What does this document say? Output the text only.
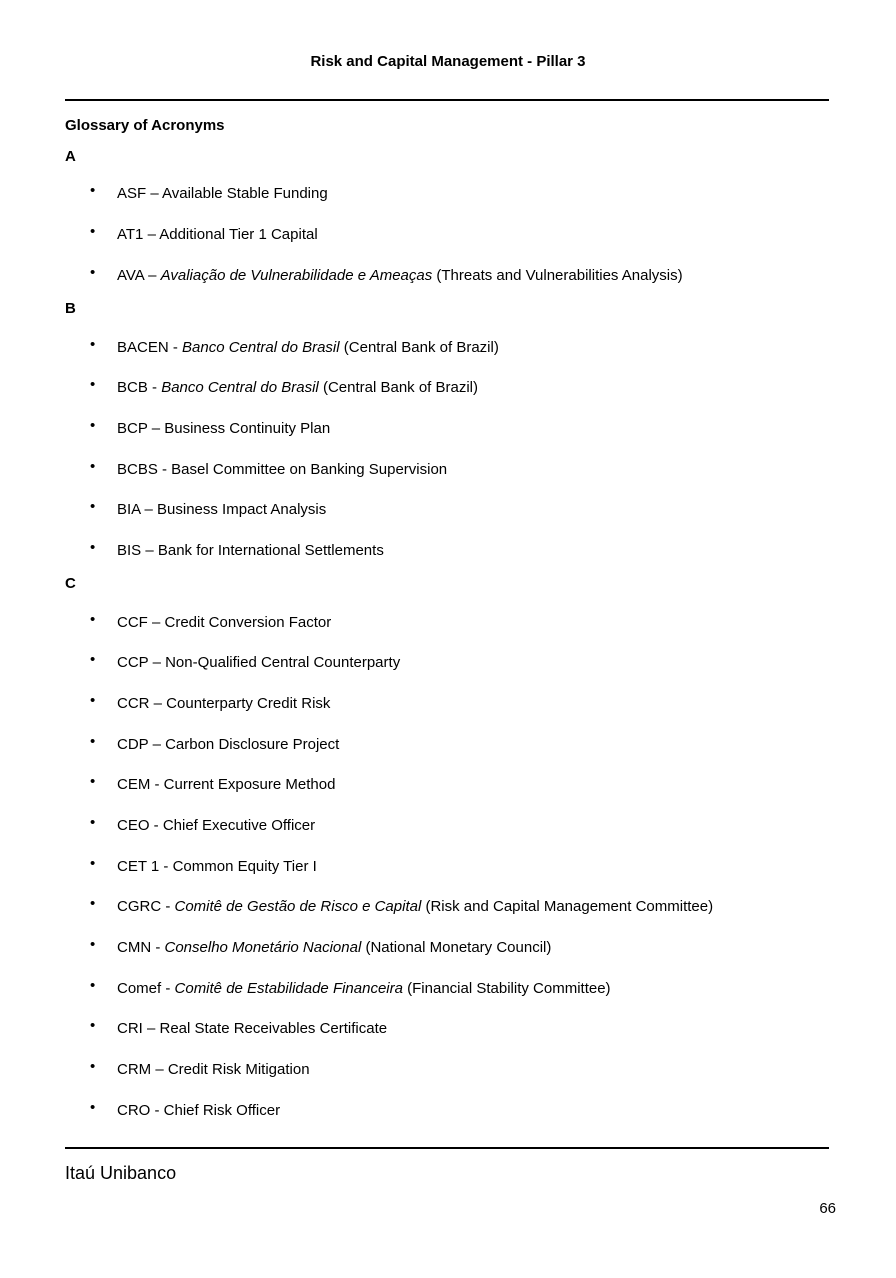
Risk and Capital Management - Pillar 3
Glossary of Acronyms
A
• ASF – Available Stable Funding
• AT1 – Additional Tier 1 Capital
• AVA – Avaliação de Vulnerabilidade e Ameaças (Threats and Vulnerabilities Analysis)
B
• BACEN - Banco Central do Brasil (Central Bank of Brazil)
• BCB - Banco Central do Brasil (Central Bank of Brazil)
• BCP – Business Continuity Plan
• BCBS - Basel Committee on Banking Supervision
• BIA – Business Impact Analysis
• BIS – Bank for International Settlements
C
• CCF – Credit Conversion Factor
• CCP – Non-Qualified Central Counterparty
• CCR – Counterparty Credit Risk
• CDP – Carbon Disclosure Project
• CEM - Current Exposure Method
• CEO - Chief Executive Officer
• CET 1 - Common Equity Tier I
• CGRC - Comitê de Gestão de Risco e Capital (Risk and Capital Management Committee)
• CMN - Conselho Monetário Nacional (National Monetary Council)
• Comef - Comitê de Estabilidade Financeira (Financial Stability Committee)
• CRI – Real State Receivables Certificate
• CRM – Credit Risk Mitigation
• CRO - Chief Risk Officer
Itaú Unibanco
66
